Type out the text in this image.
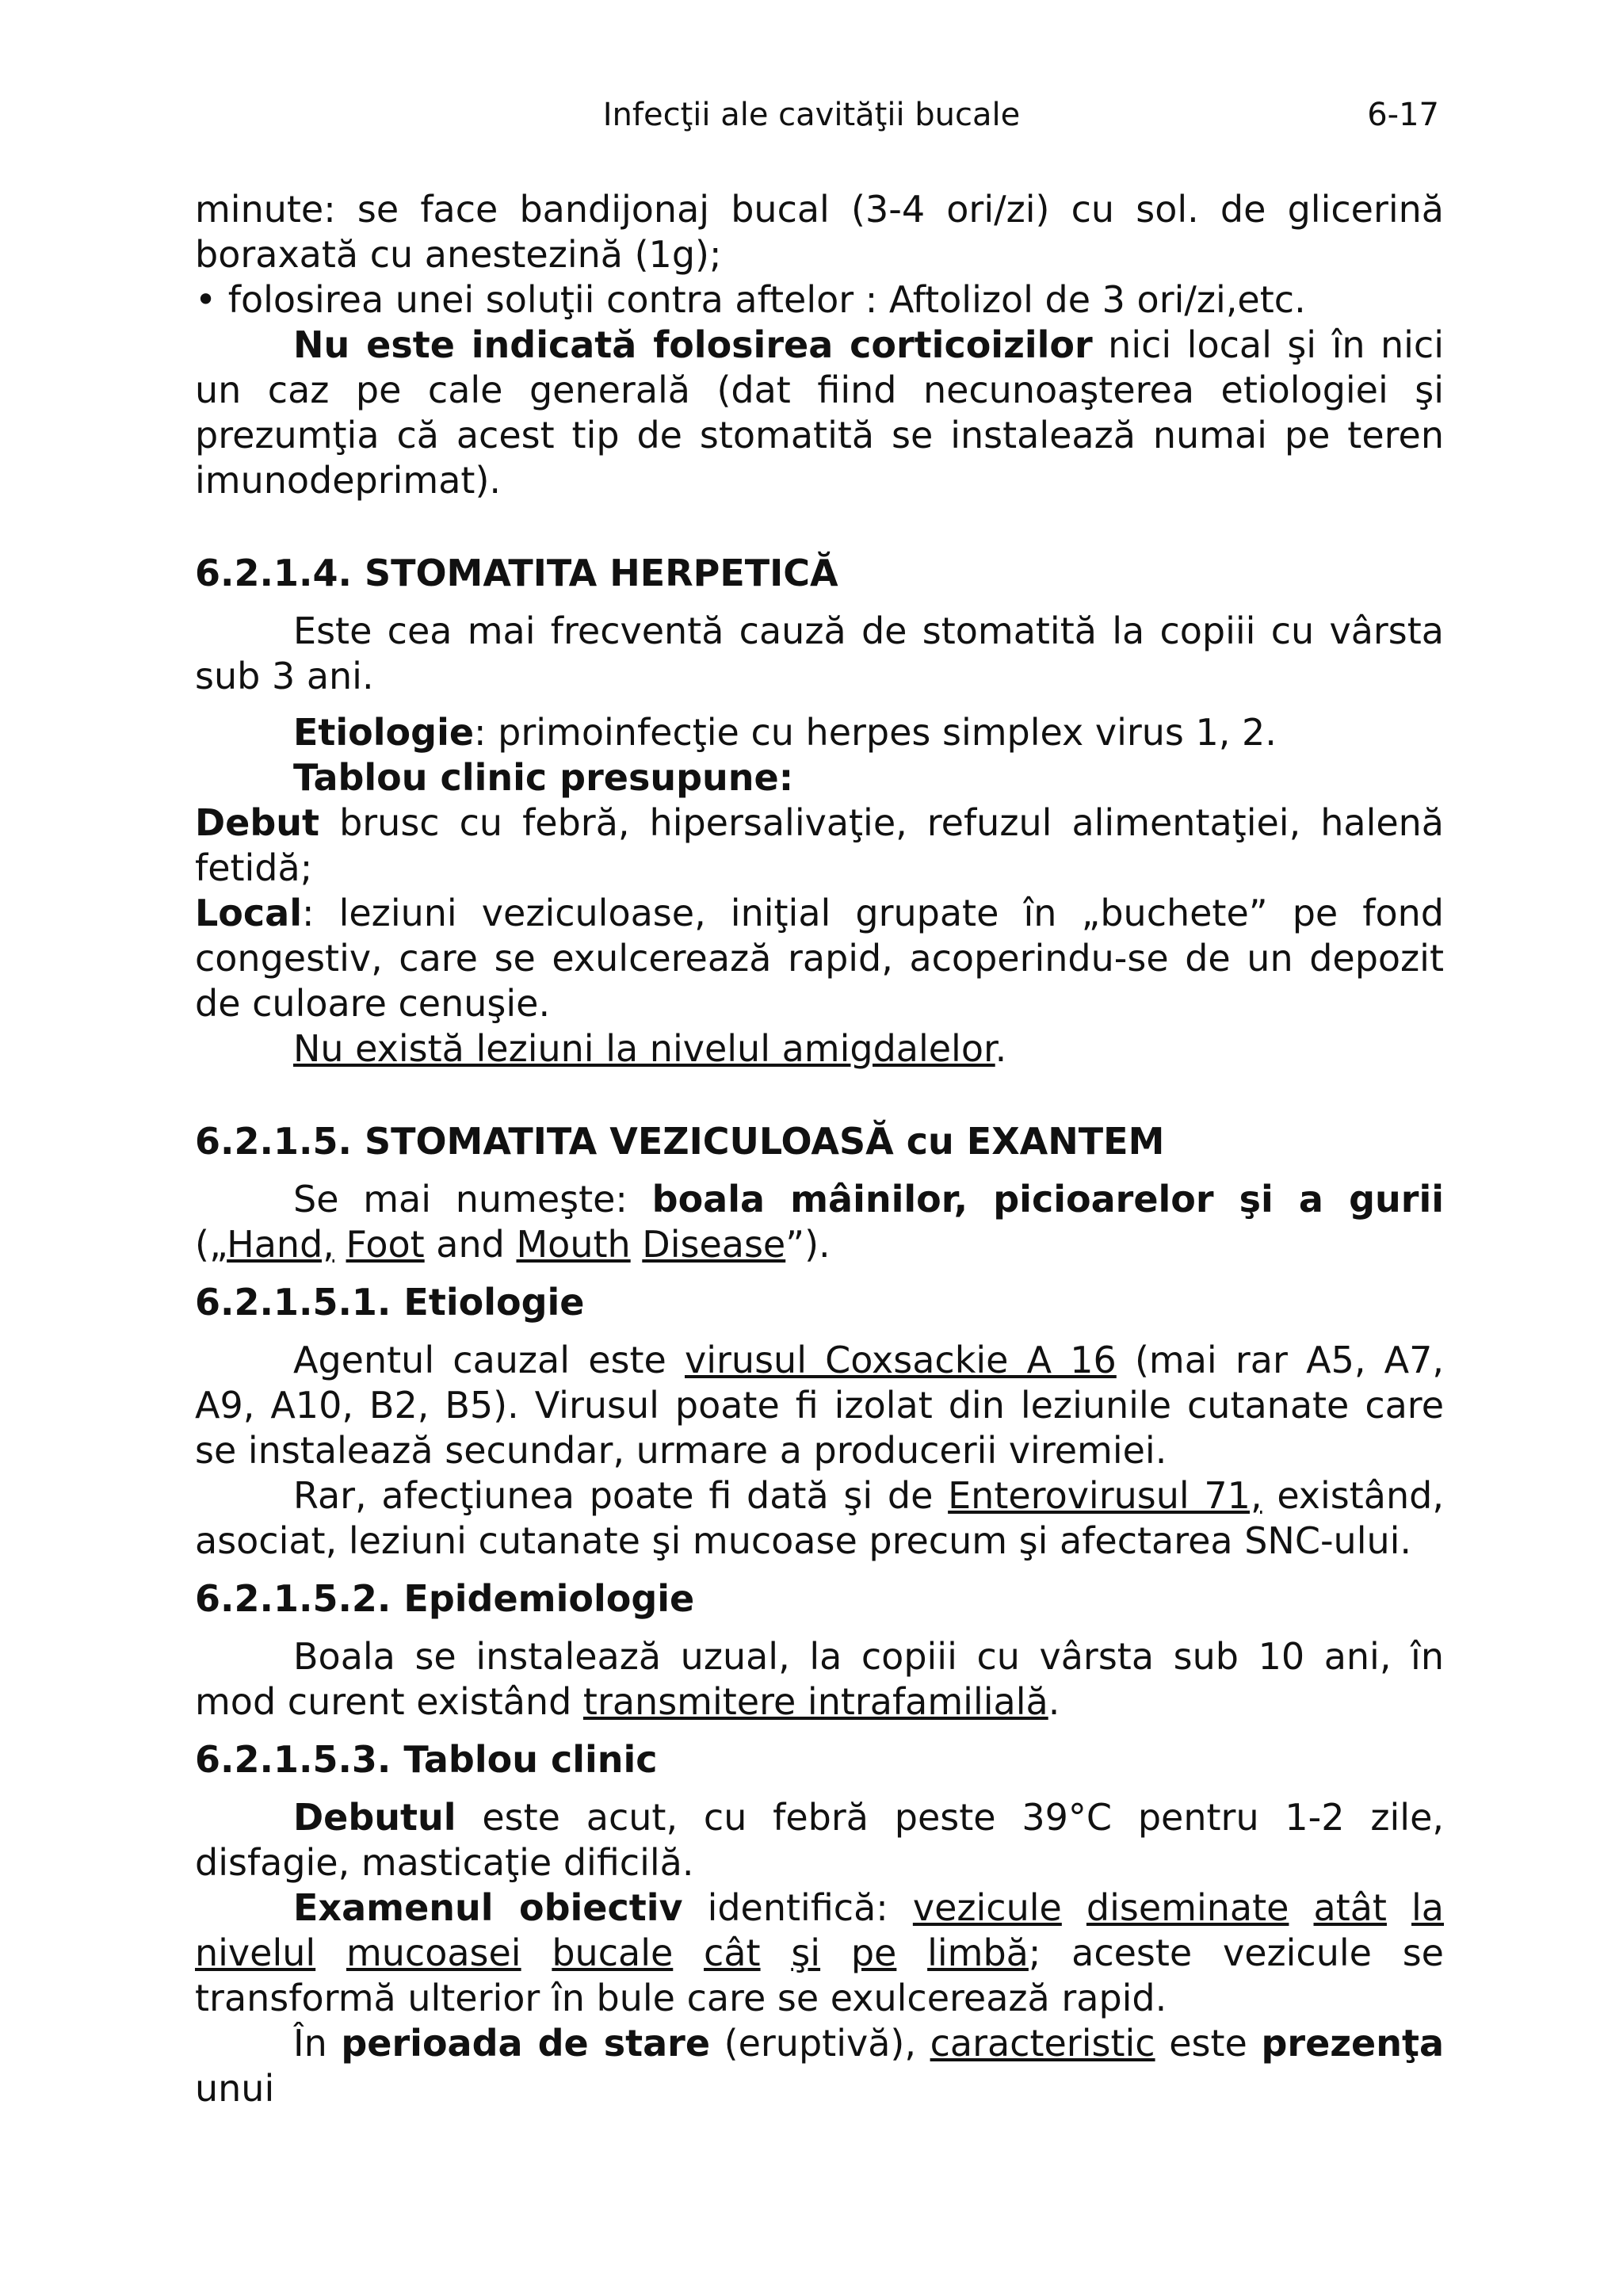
Infecţii ale cavităţii bucale	6-17

minute: se face bandijonaj bucal (3-4 ori/zi) cu sol. de glicerină boraxată cu anestezină (1g);

• folosirea unei soluţii contra aftelor : Aftolizol de 3 ori/zi,etc.

Nu este indicată folosirea corticoizilor nici local şi în nici un caz pe cale generală (dat fiind necunoaşterea etiologiei şi prezumţia că acest tip de stomatită se instalează numai pe teren imunodeprimat).

6.2.1.4. STOMATITA HERPETICĂ

Este cea mai frecventă cauză de stomatită la copiii cu vârsta sub 3 ani.

Etiologie: primoinfecţie cu herpes simplex virus 1, 2.

Tablou clinic presupune:

Debut brusc cu febră, hipersalivaţie, refuzul alimentaţiei, halenă fetidă;

Local: leziuni veziculoase, iniţial grupate în „buchete” pe fond congestiv, care se exulcerează rapid, acoperindu-se de un depozit de culoare cenuşie.

Nu există leziuni la nivelul amigdalelor.

6.2.1.5. STOMATITA VEZICULOASĂ cu EXANTEM

Se mai numeşte: boala mâinilor, picioarelor şi a gurii („Hand, Foot and Mouth Disease”).

6.2.1.5.1. Etiologie

Agentul cauzal este virusul Coxsackie A 16 (mai rar A5, A7, A9, A10, B2, B5). Virusul poate fi izolat din leziunile cutanate care se instalează secundar, urmare a producerii viremiei.

Rar, afecţiunea poate fi dată şi de Enterovirusul 71, existând, asociat, leziuni cutanate şi mucoase precum şi afectarea SNC-ului.

6.2.1.5.2. Epidemiologie

Boala se instalează uzual, la copiii cu vârsta sub 10 ani, în mod curent existând transmitere intrafamilială.

6.2.1.5.3. Tablou clinic

Debutul este acut, cu febră peste 39°C pentru 1-2 zile, disfagie, masticaţie dificilă.

Examenul obiectiv identifică: vezicule diseminate atât la nivelul mucoasei bucale cât şi pe limbă; aceste vezicule se transformă ulterior în bule care se exulcerează rapid.

În perioada de stare (eruptivă), caracteristic este prezenţa unui
